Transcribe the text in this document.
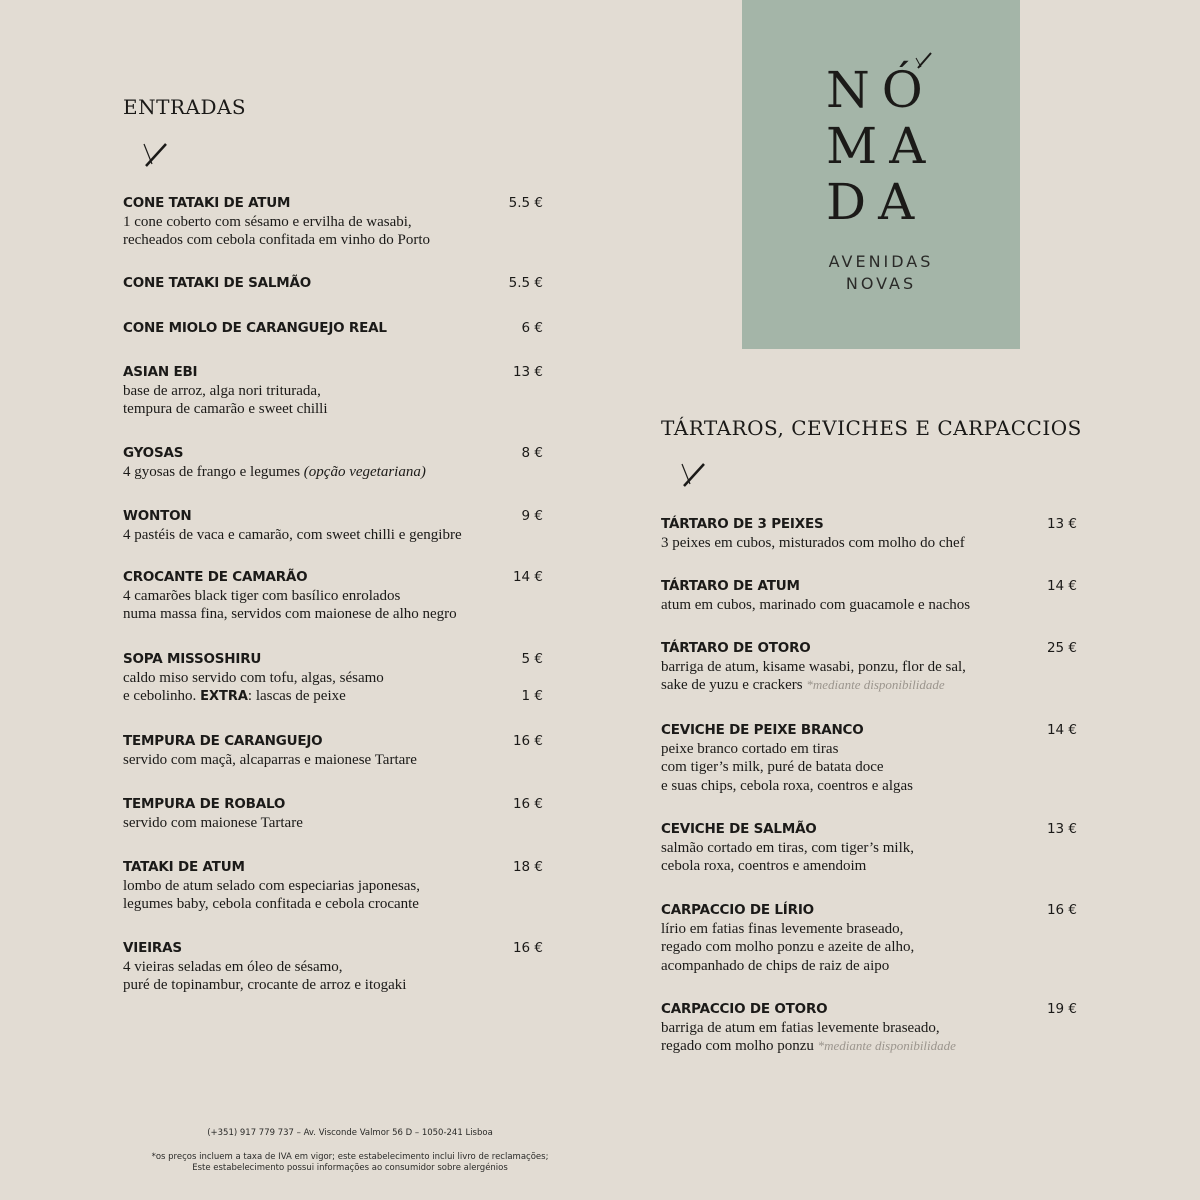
NÓ
MA
DA
AVENIDAS
NOVAS
ENTRADAS
TÁRTAROS, CEVICHES E CARPACCIOS
CONE TATAKI DE ATUM	5.5 €
1 cone coberto com sésamo e ervilha de wasabi,
recheados com cebola confitada em vinho do Porto
CONE TATAKI DE SALMÃO	5.5 €
CONE MIOLO DE CARANGUEJO REAL	6 €
ASIAN EBI	13 €
base de arroz, alga nori triturada,
tempura de camarão e sweet chilli
GYOSAS	8 €
4 gyosas de frango e legumes (opção vegetariana)
WONTON	9 €
4 pastéis de vaca e camarão, com sweet chilli e gengibre
CROCANTE DE CAMARÃO	14 €
4 camarões black tiger com basílico enrolados
numa massa fina, servidos com maionese de alho negro
SOPA MISSOSHIRU	5 €
caldo miso servido com tofu, algas, sésamo
e cebolinho. EXTRA: lascas de peixe	1 €
TEMPURA DE CARANGUEJO	16 €
servido com maçã, alcaparras e maionese Tartare
TEMPURA DE ROBALO	16 €
servido com maionese Tartare
TATAKI DE ATUM	18 €
lombo de atum selado com especiarias japonesas,
legumes baby, cebola confitada e cebola crocante
VIEIRAS	16 €
4 vieiras seladas em óleo de sésamo,
puré de topinambur, crocante de arroz e itogaki
TÁRTARO DE 3 PEIXES	13 €
3 peixes em cubos, misturados com molho do chef
TÁRTARO DE ATUM	14 €
atum em cubos, marinado com guacamole e nachos
TÁRTARO DE OTORO	25 €
barriga de atum, kisame wasabi, ponzu, flor de sal,
sake de yuzu e crackers *mediante disponibilidade
CEVICHE DE PEIXE BRANCO	14 €
peixe branco cortado em tiras
com tiger’s milk, puré de batata doce
e suas chips, cebola roxa, coentros e algas
CEVICHE DE SALMÃO	13 €
salmão cortado em tiras, com tiger’s milk,
cebola roxa, coentros e amendoim
CARPACCIO DE LÍRIO	16 €
lírio em fatias finas levemente braseado,
regado com molho ponzu e azeite de alho,
acompanhado de chips de raiz de aipo
CARPACCIO DE OTORO	19 €
barriga de atum em fatias levemente braseado,
regado com molho ponzu *mediante disponibilidade
(+351) 917 779 737 – Av. Visconde Valmor 56 D – 1050-241 Lisboa
*os preços incluem a taxa de IVA em vigor; este estabelecimento inclui livro de reclamações;
Este estabelecimento possui informações ao consumidor sobre alergénios
